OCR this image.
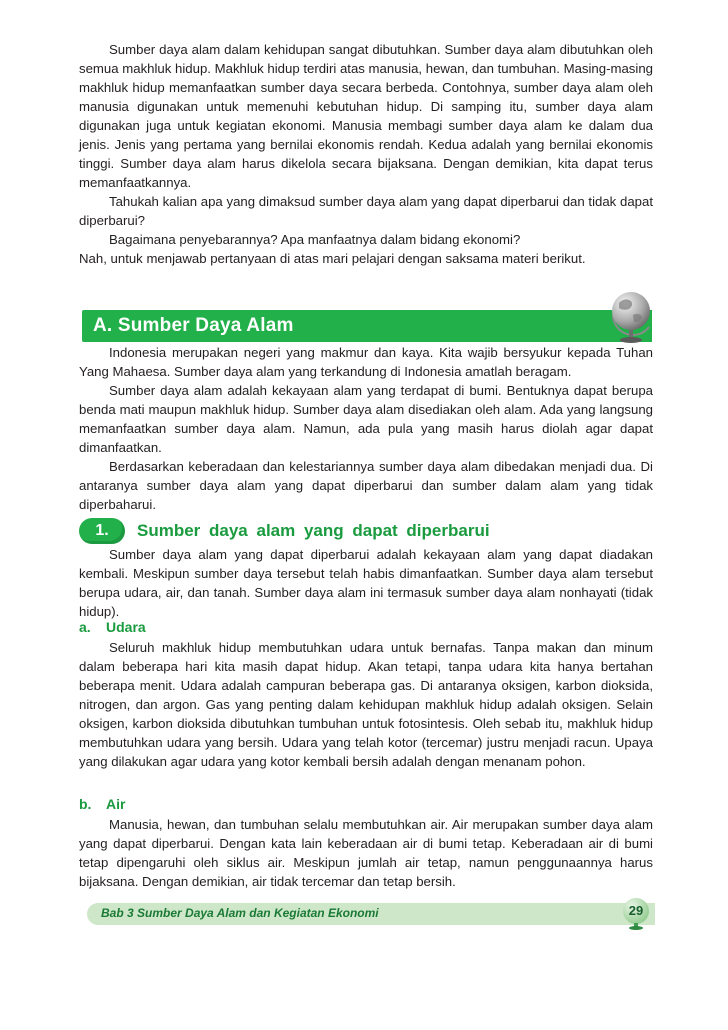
Sumber daya alam dalam kehidupan sangat dibutuhkan. Sumber daya alam dibutuhkan oleh semua makhluk hidup. Makhluk hidup terdiri atas manusia, hewan, dan tumbuhan. Masing-masing makhluk hidup memanfaatkan sumber daya secara berbeda. Contohnya, sumber daya alam oleh manusia digunakan untuk memenuhi kebutuhan hidup. Di samping itu, sumber daya alam digunakan juga untuk kegiatan ekonomi. Manusia membagi sumber daya alam ke dalam dua jenis. Jenis yang pertama yang bernilai ekonomis rendah. Kedua adalah yang bernilai ekonomis tinggi. Sumber daya alam harus dikelola secara bijaksana. Dengan demikian, kita dapat terus memanfaatkannya.

Tahukah kalian apa yang dimaksud sumber daya alam yang dapat diperbarui dan tidak dapat diperbarui?

Bagaimana penyebarannya? Apa manfaatnya dalam bidang ekonomi?

Nah, untuk menjawab pertanyaan di atas mari pelajari dengan saksama materi berikut.

A. Sumber Daya Alam

Indonesia merupakan negeri yang makmur dan kaya. Kita wajib bersyukur kepada Tuhan Yang Mahaesa. Sumber daya alam yang terkandung di Indonesia amatlah beragam.

Sumber daya alam adalah kekayaan alam yang terdapat di bumi. Bentuknya dapat berupa benda mati maupun makhluk hidup. Sumber daya alam disediakan oleh alam. Ada yang langsung memanfaatkan sumber daya alam. Namun, ada pula yang masih harus diolah agar dapat dimanfaatkan.

Berdasarkan keberadaan dan kelestariannya sumber daya alam dibedakan menjadi dua. Di antaranya sumber daya alam yang dapat diperbarui dan sumber dalam alam yang tidak diperbaharui.

1.	Sumber daya alam yang dapat diperbarui

Sumber daya alam yang dapat diperbarui adalah kekayaan alam yang dapat diadakan kembali. Meskipun sumber daya tersebut telah habis dimanfaatkan. Sumber daya alam tersebut berupa udara, air, dan tanah. Sumber daya alam ini termasuk sumber daya alam nonhayati (tidak hidup).

a. Udara

Seluruh makhluk hidup membutuhkan udara untuk bernafas. Tanpa makan dan minum dalam beberapa hari kita masih dapat hidup. Akan tetapi, tanpa udara kita hanya bertahan beberapa menit. Udara adalah campuran beberapa gas. Di antaranya oksigen, karbon dioksida, nitrogen, dan argon. Gas yang penting dalam kehidupan makhluk hidup adalah oksigen. Selain oksigen, karbon dioksida dibutuhkan tumbuhan untuk fotosintesis. Oleh sebab itu, makhluk hidup membutuhkan udara yang bersih. Udara yang telah kotor (tercemar) justru menjadi racun. Upaya yang dilakukan agar udara yang kotor kembali bersih adalah dengan menanam pohon.

b. Air

Manusia, hewan, dan tumbuhan selalu membutuhkan air. Air merupakan sumber daya alam yang dapat diperbarui. Dengan kata lain keberadaan air di bumi tetap. Keberadaan air di bumi tetap dipengaruhi oleh siklus air. Meskipun jumlah air tetap, namun penggunaannya harus bijaksana. Dengan demikian, air tidak tercemar dan tetap bersih.

Bab 3 Sumber Daya Alam dan Kegiatan Ekonomi	29
